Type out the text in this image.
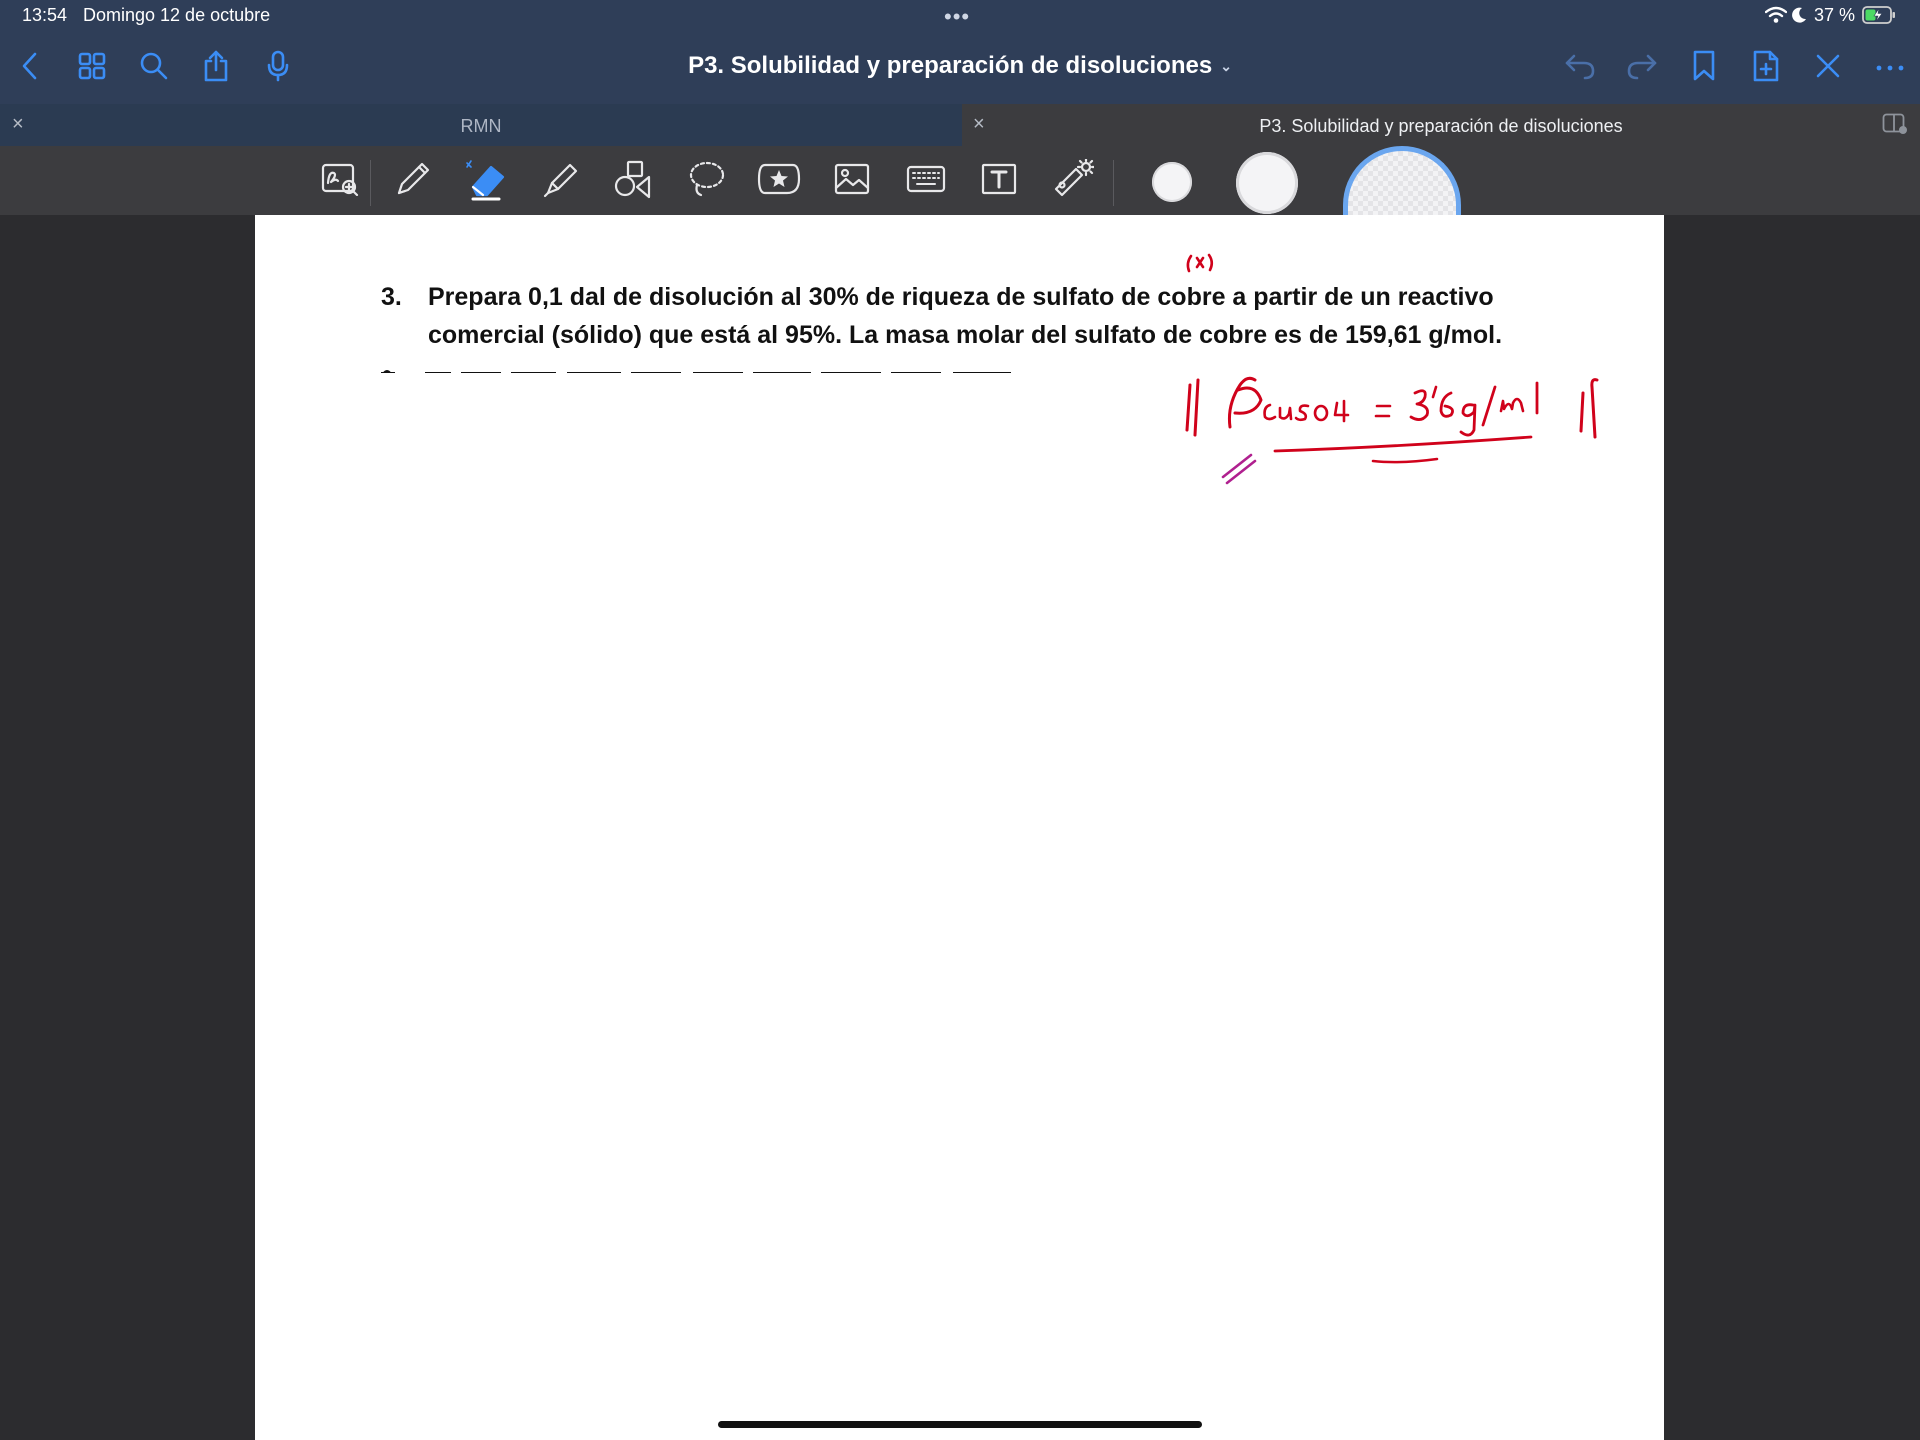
13:54 Domingo 12 de octubre	•••	37 %
P3. Solubilidad y preparación de disoluciones ⌄
×	RMN	×	P3. Solubilidad y preparación de disoluciones
3. Prepara 0,1 dal de disolución al 30% de riqueza de sulfato de cobre a partir de un reactivo
comercial (sólido) que está al 95%. La masa molar del sulfato de cobre es de 159,61 g/mol.
